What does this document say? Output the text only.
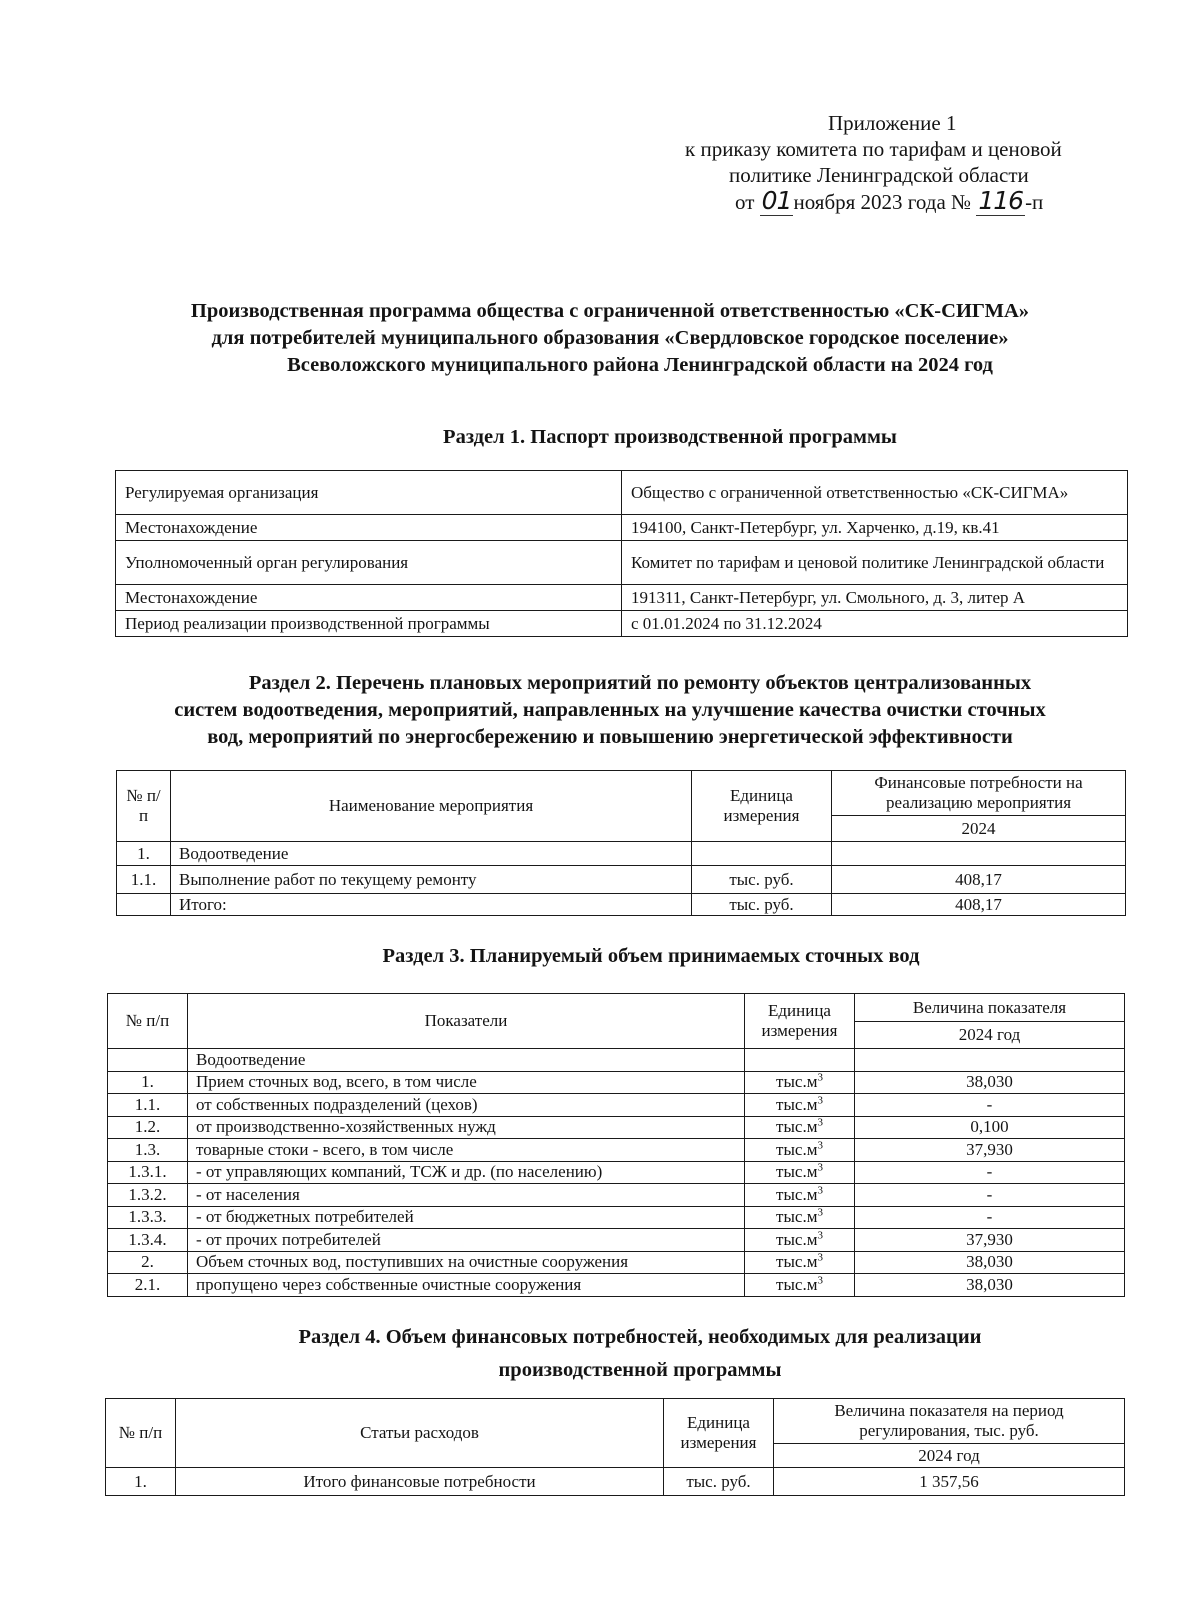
Приложение 1
к приказу комитета по тарифам и ценовой
политике Ленинградской области
от 01ноября 2023 года № 116-п
Производственная программа общества с ограниченной ответственностью «СК-СИГМА»
для потребителей муниципального образования «Свердловское городское поселение»
Всеволожского муниципального района Ленинградской области на 2024 год
Раздел 1. Паспорт производственной программы
Регулируемая организация	Общество с ограниченной ответственностью «СК-СИГМА»
Местонахождение	194100, Санкт-Петербург, ул. Харченко, д.19, кв.41
Уполномоченный орган регулирования	Комитет по тарифам и ценовой политике Ленинградской области
Местонахождение	191311, Санкт-Петербург, ул. Смольного, д. 3, литер А
Период реализации производственной программы	с 01.01.2024 по 31.12.2024
Раздел 2. Перечень плановых мероприятий по ремонту объектов централизованных
систем водоотведения, мероприятий, направленных на улучшение качества очистки сточных
вод, мероприятий по энергосбережению и повышению энергетической эффективности
№ п/п	Наименование мероприятия	Единица измерения	Финансовые потребности на реализацию мероприятия
			2024
1.	Водоотведение		
1.1.	Выполнение работ по текущему ремонту	тыс. руб.	408,17
	Итого:	тыс. руб.	408,17
Раздел 3. Планируемый объем принимаемых сточных вод
№ п/п	Показатели	Единица измерения	Величина показателя
			2024 год
	Водоотведение		
1.	Прием сточных вод, всего, в том числе	$тыс.м^3$	38,030
1.1.	от собственных подразделений (цехов)	$тыс.м^3$	-
1.2.	от производственно-хозяйственных нужд	$тыс.м^3$	0,100
1.3.	товарные стоки - всего, в том числе	$тыс.м^3$	37,930
1.3.1.	- от управляющих компаний, ТСЖ и др. (по населению)	$тыс.м^3$	-
1.3.2.	- от населения	$тыс.м^3$	-
1.3.3.	- от бюджетных потребителей	$тыс.м^3$	-
1.3.4.	- от прочих потребителей	$тыс.м^3$	37,930
2.	Объем сточных вод, поступивших на очистные сооружения	$тыс.м^3$	38,030
2.1.	пропущено через собственные очистные сооружения	$тыс.м^3$	38,030
Раздел 4. Объем финансовых потребностей, необходимых для реализации
производственной программы
№ п/п	Статьи расходов	Единица измерения	Величина показателя на период регулирования, тыс. руб.
			2024 год
1.	Итого финансовые потребности	тыс. руб.	1 357,56
